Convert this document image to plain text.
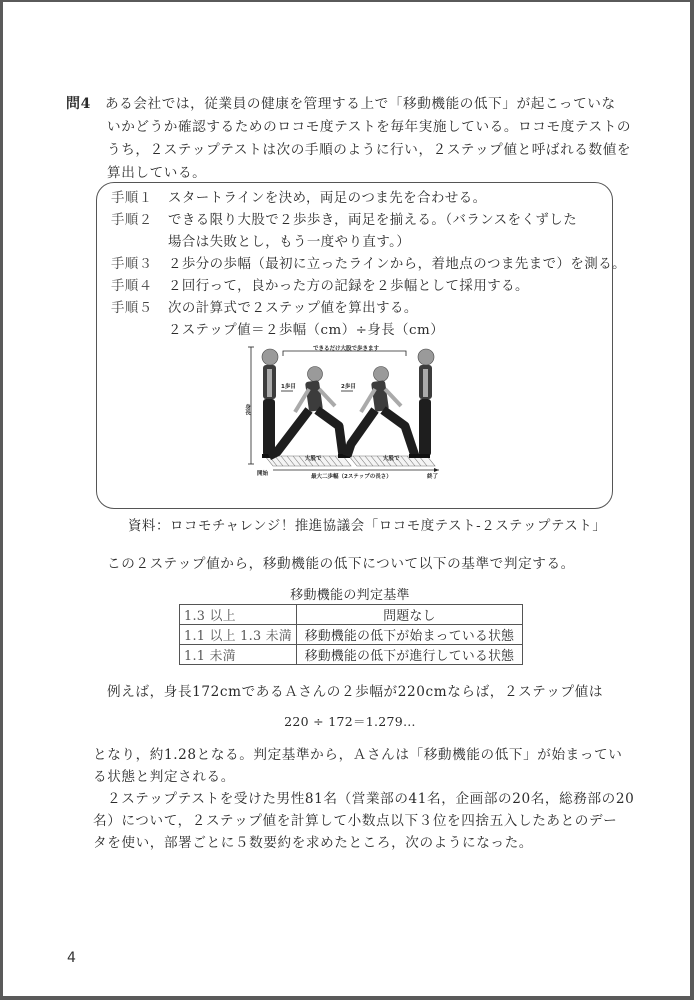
問4 ある会社では，従業員の健康を管理する上で「移動機能の低下」が起こっていな
いかどうか確認するためのロコモ度テストを毎年実施している。ロコモ度テストの
うち，２ステップテストは次の手順のように行い，２ステップ値と呼ばれる数値を
算出している。
手順１ スタートラインを決め，両足のつま先を合わせる。
手順２ できる限り大股で２歩歩き，両足を揃える。（バランスをくずした
場合は失敗とし，もう一度やり直す。）
手順３ ２歩分の歩幅（最初に立ったラインから，着地点のつま先まで）を測る。
手順４ ２回行って，良かった方の記録を２歩幅として採用する。
手順５ 次の計算式で２ステップ値を算出する。
２ステップ値＝２歩幅（cm）÷身長（cm）
できるだけ大股で歩きます
1歩目	2歩目
身長
大股で	大股で
開始	終了
最大二歩幅（2ステップの長さ）
資料：ロコモチャレンジ！推進協議会「ロコモ度テスト-２ステップテスト」
この２ステップ値から，移動機能の低下について以下の基準で判定する。
移動機能の判定基準
1.3 以上	問題なし
1.1 以上 1.3 未満	移動機能の低下が始まっている状態
1.1 未満	移動機能の低下が進行している状態
例えば，身長172cmであるＡさんの２歩幅が220cmならば，２ステップ値は
220 ÷ 172＝1.279…
となり，約1.28となる。判定基準から，Ａさんは「移動機能の低下」が始まってい
る状態と判定される。
２ステップテストを受けた男性81名（営業部の41名，企画部の20名，総務部の20
名）について，２ステップ値を計算して小数点以下３位を四捨五入したあとのデー
タを使い，部署ごとに５数要約を求めたところ，次のようになった。
4
